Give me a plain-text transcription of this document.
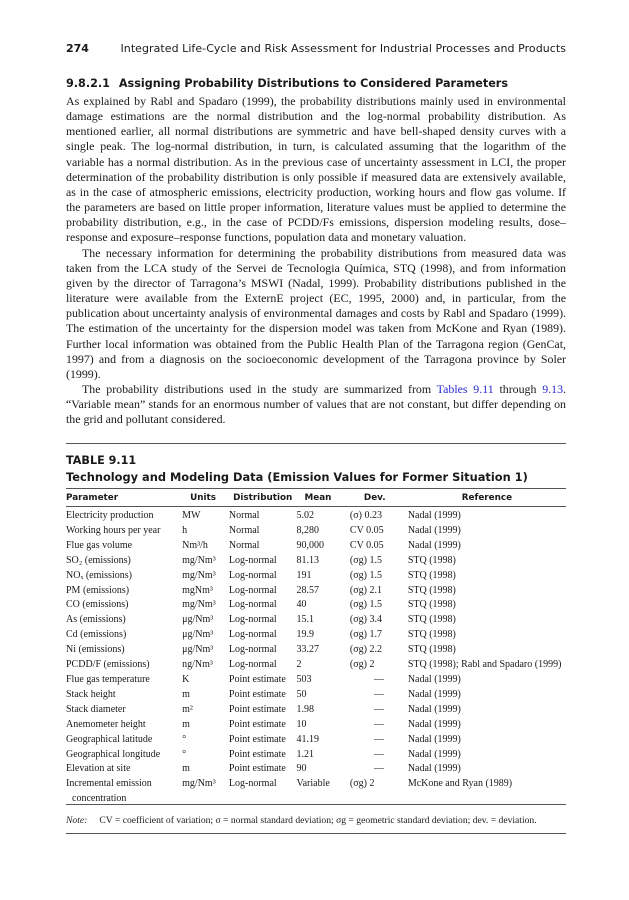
274	Integrated Life-Cycle and Risk Assessment for Industrial Processes and Products
9.8.2.1 Assigning Probability Distributions to Considered Parameters

As explained by Rabl and Spadaro (1999), the probability distributions mainly used in environmental damage estimations are the normal distribution and the log-normal probability distribution. As mentioned earlier, all normal distributions are symmetric and have bell-shaped density curves with a single peak. The log-normal distribution, in turn, is calculated assuming that the logarithm of the variable has a normal distribution. As in the previous case of uncertainty assessment in LCI, the proper determination of the probability distribution is only possible if measured data are extensively available, as in the case of atmospheric emissions, electricity production, working hours and flow gas volume. If the parameters are based on little proper information, literature values must be applied to determine the probability distribution, e.g., in the case of PCDD/Fs emissions, dispersion modeling results, dose–response and exposure–response functions, population data and monetary valuation.

The necessary information for determining the probability distributions from measured data was taken from the LCA study of the Servei de Tecnologia Química, STQ (1998), and from information given by the director of Tarragona’s MSWI (Nadal, 1999). Probability distributions published in the literature were available from the ExternE project (EC, 1995, 2000) and, in particular, from the publication about uncertainty analysis of environmental damages and costs by Rabl and Spadaro (1999). The estimation of the uncertainty for the dispersion model was taken from McKone and Ryan (1989). Further local information was obtained from the Public Health Plan of the Tarragona region (GenCat, 1997) and from a diagnosis on the socioeconomic development of the Tarragona province by Soler (1999).

The probability distributions used in the study are summarized from Tables 9.11 through 9.13. “Variable mean” stands for an enormous number of values that are not constant, but differ depending on the grid and pollutant considered.

TABLE 9.11
Technology and Modeling Data (Emission Values for Former Situation 1)
Parameter	Units	Distribution	Mean	Dev.	Reference
Electricity production	MW	Normal	5.02	(σ) 0.23	Nadal (1999)
Working hours per year	h	Normal	8,280	CV 0.05	Nadal (1999)
Flue gas volume	Nm³/h	Normal	90,000	CV 0.05	Nadal (1999)
SO₂ (emissions)	mg/Nm³	Log-normal	81.13	(σg) 1.5	STQ (1998)
NOₓ (emissions)	mg/Nm³	Log-normal	191	(σg) 1.5	STQ (1998)
PM (emissions)	mgNm³	Log-normal	28.57	(σg) 2.1	STQ (1998)
CO (emissions)	mg/Nm³	Log-normal	40	(σg) 1.5	STQ (1998)
As (emissions)	μg/Nm³	Log-normal	15.1	(σg) 3.4	STQ (1998)
Cd (emissions)	μg/Nm³	Log-normal	19.9	(σg) 1.7	STQ (1998)
Ni (emissions)	μg/Nm³	Log-normal	33.27	(σg) 2.2	STQ (1998)
PCDD/F (emissions)	ng/Nm³	Log-normal	2	(σg) 2	STQ (1998); Rabl and Spadaro (1999)
Flue gas temperature	K	Point estimate	503	—	Nadal (1999)
Stack height	m	Point estimate	50	—	Nadal (1999)
Stack diameter	m²	Point estimate	1.98	—	Nadal (1999)
Anemometer height	m	Point estimate	10	—	Nadal (1999)
Geographical latitude	°	Point estimate	41.19	—	Nadal (1999)
Geographical longitude	°	Point estimate	1.21	—	Nadal (1999)
Elevation at site	m	Point estimate	90	—	Nadal (1999)
Incremental emission	mg/Nm³	Log-normal	Variable	(σg) 2	McKone and Ryan (1989)
concentration					
Note: CV = coefficient of variation; σ = normal standard deviation; σg = geometric standard deviation; dev. = deviation.
